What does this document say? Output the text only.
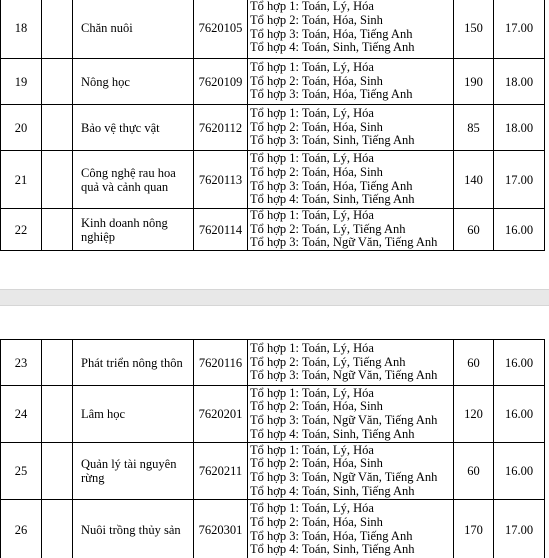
18		Chăn nuôi	7620105	Tổ hợp 1: Toán, Lý, Hóa
Tổ hợp 2: Toán, Hóa, Sinh
Tổ hợp 3: Toán, Hóa, Tiếng Anh
Tổ hợp 4: Toán, Sinh, Tiếng Anh	150	17.00
19		Nông học	7620109	Tổ hợp 1: Toán, Lý, Hóa
Tổ hợp 2: Toán, Hóa, Sinh
Tổ hợp 3: Toán, Hóa, Tiếng Anh	190	18.00
20		Bảo vệ thực vật	7620112	Tổ hợp 1: Toán, Lý, Hóa
Tổ hợp 2: Toán, Hóa, Sinh
Tổ hợp 3: Toán, Sinh, Tiếng Anh	85	18.00
21		Công nghệ rau hoa quả và cảnh quan	7620113	Tổ hợp 1: Toán, Lý, Hóa
Tổ hợp 2: Toán, Hóa, Sinh
Tổ hợp 3: Toán, Hóa, Tiếng Anh
Tổ hợp 4: Toán, Sinh, Tiếng Anh	140	17.00
22		Kinh doanh nông nghiệp	7620114	Tổ hợp 1: Toán, Lý, Hóa
Tổ hợp 2: Toán, Lý, Tiếng Anh
Tổ hợp 3: Toán, Ngữ Văn, Tiếng Anh	60	16.00
23		Phát triển nông thôn	7620116	Tổ hợp 1: Toán, Lý, Hóa
Tổ hợp 2: Toán, Lý, Tiếng Anh
Tổ hợp 3: Toán, Ngữ Văn, Tiếng Anh	60	16.00
24		Lâm học	7620201	Tổ hợp 1: Toán, Lý, Hóa
Tổ hợp 2: Toán, Hóa, Sinh
Tổ hợp 3: Toán, Ngữ Văn, Tiếng Anh
Tổ hợp 4: Toán, Sinh, Tiếng Anh	120	16.00
25		Quản lý tài nguyên rừng	7620211	Tổ hợp 1: Toán, Lý, Hóa
Tổ hợp 2: Toán, Hóa, Sinh
Tổ hợp 3: Toán, Ngữ Văn, Tiếng Anh
Tổ hợp 4: Toán, Sinh, Tiếng Anh	60	16.00
26		Nuôi trồng thủy sản	7620301	Tổ hợp 1: Toán, Lý, Hóa
Tổ hợp 2: Toán, Hóa, Sinh
Tổ hợp 3: Toán, Hóa, Tiếng Anh
Tổ hợp 4: Toán, Sinh, Tiếng Anh	170	17.00
